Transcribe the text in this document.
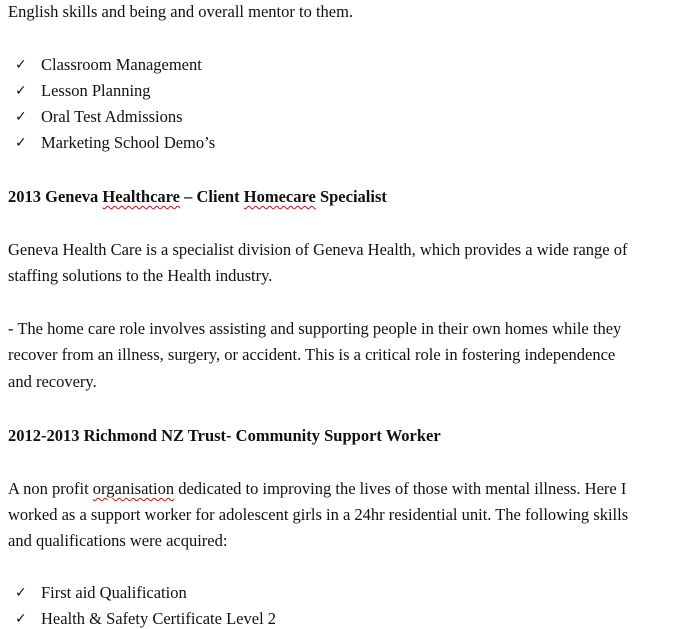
English skills and being and overall mentor to them.
✓ Classroom Management
✓ Lesson Planning
✓ Oral Test Admissions
✓ Marketing School Demo’s
2013 Geneva Healthcare – Client Homecare Specialist
Geneva Health Care is a specialist division of Geneva Health, which provides a wide range of
staffing solutions to the Health industry.
- The home care role involves assisting and supporting people in their own homes while they
recover from an illness, surgery, or accident. This is a critical role in fostering independence
and recovery.
2012-2013 Richmond NZ Trust- Community Support Worker
A non profit organisation dedicated to improving the lives of those with mental illness. Here I
worked as a support worker for adolescent girls in a 24hr residential unit. The following skills
and qualifications were acquired:
✓ First aid Qualification
✓ Health & Safety Certificate Level 2
